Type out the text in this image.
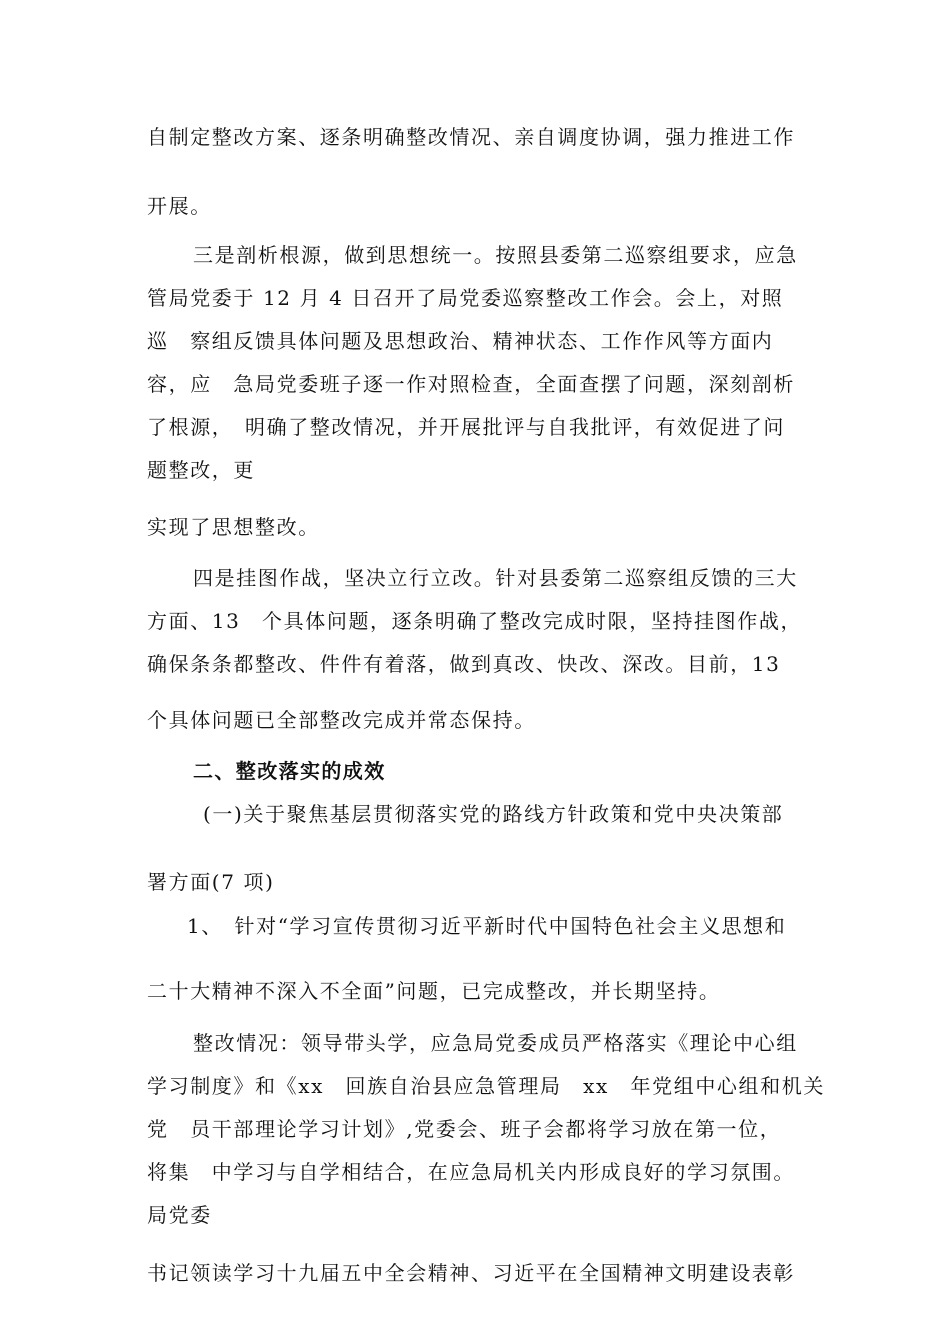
自制定整改方案、逐条明确整改情况、亲自调度协调，强力推进工作
开展。
三是剖析根源，做到思想统一。按照县委第二巡察组要求，应急
管局党委于 12 月 4 日召开了局党委巡察整改工作会。会上，对照
巡　察组反馈具体问题及思想政治、精神状态、工作作风等方面内
容，应　急局党委班子逐一作对照检查，全面查摆了问题，深刻剖析
了根源，　明确了整改情况，并开展批评与自我批评，有效促进了问
题整改，更
实现了思想整改。
四是挂图作战，坚决立行立改。针对县委第二巡察组反馈的三大
方面、13　个具体问题，逐条明确了整改完成时限，坚持挂图作战，
确保条条都整改、件件有着落，做到真改、快改、深改。目前，13
个具体问题已全部整改完成并常态保持。
二、整改落实的成效
(一)关于聚焦基层贯彻落实党的路线方针政策和党中央决策部
署方面(7 项)
1、　针对“学习宣传贯彻习近平新时代中国特色社会主义思想和
二十大精神不深入不全面”问题，已完成整改，并长期坚持。
整改情况：领导带头学，应急局党委成员严格落实《理论中心组
学习制度》和《xx　回族自治县应急管理局　xx　年党组中心组和机关
党　员干部理论学习计划》,党委会、班子会都将学习放在第一位，
将集　中学习与自学相结合，在应急局机关内形成良好的学习氛围。
局党委
书记领读学习十九届五中全会精神、习近平在全国精神文明建设表彰
